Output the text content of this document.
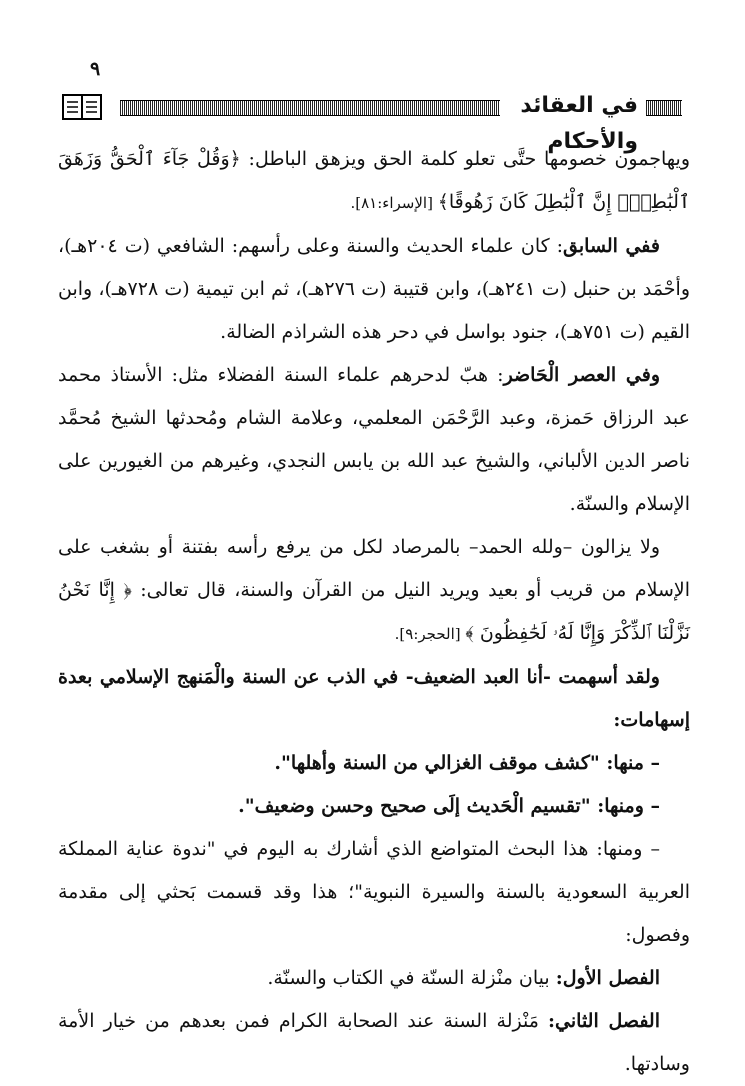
٩
في العقائد والأحكام

ويهاجمون خصومها حتَّى تعلو كلمة الحق ويزهق الباطل: ﴿وَقُلْ جَآءَ ٱلْحَقُّ وَزَهَقَ ٱلْبَٰطِلُۚ إِنَّ ٱلْبَٰطِلَ كَانَ زَهُوقًا﴾ [الإسراء:٨١].

ففي السابق: كان علماء الحديث والسنة وعلى رأسهم: الشافعي (ت ٢٠٤هـ)، وأحْمَد بن حنبل (ت ٢٤١هـ)، وابن قتيبة (ت ٢٧٦هـ)، ثم ابن تيمية (ت ٧٢٨هـ)، وابن القيم (ت ٧٥١هـ)، جنود بواسل في دحر هذه الشراذم الضالة.

وفي العصر الْحَاضر: هبّ لدحرهم علماء السنة الفضلاء مثل: الأستاذ محمد عبد الرزاق حَمزة، وعبد الرَّحْمَن المعلمي، وعلامة الشام ومُحدثها الشيخ مُحمَّد ناصر الدين الألباني، والشيخ عبد الله بن يابس النجدي، وغيرهم من الغيورين على الإسلام والسنّة.

ولا يزالون –ولله الحمد– بالمرصاد لكل من يرفع رأسه بفتنة أو بشغب على الإسلام من قريب أو بعيد ويريد النيل من القرآن والسنة، قال تعالى: ﴿ إِنَّا نَحْنُ نَزَّلْنَا ٱلذِّكْرَ وَإِنَّا لَهُۥ لَحَٰفِظُونَ ﴾ [الحجر:٩].

ولقد أسهمت -أنا العبد الضعيف- في الذب عن السنة والْمَنهج الإسلامي بعدة إسهامات:

– منها: "كشف موقف الغزالي من السنة وأهلها".

– ومنها: "تقسيم الْحَديث إلَى صحيح وحسن وضعيف".

– ومنها: هذا البحث المتواضع الذي أشارك به اليوم في "ندوة عناية المملكة العربية السعودية بالسنة والسيرة النبوية"؛ هذا وقد قسمت بَحثي إلى مقدمة وفصول:

الفصل الأول: بيان منْزلة السنّة في الكتاب والسنّة.

الفصل الثاني: مَنْزلة السنة عند الصحابة الكرام فمن بعدهم من خيار الأمة وسادتها.
